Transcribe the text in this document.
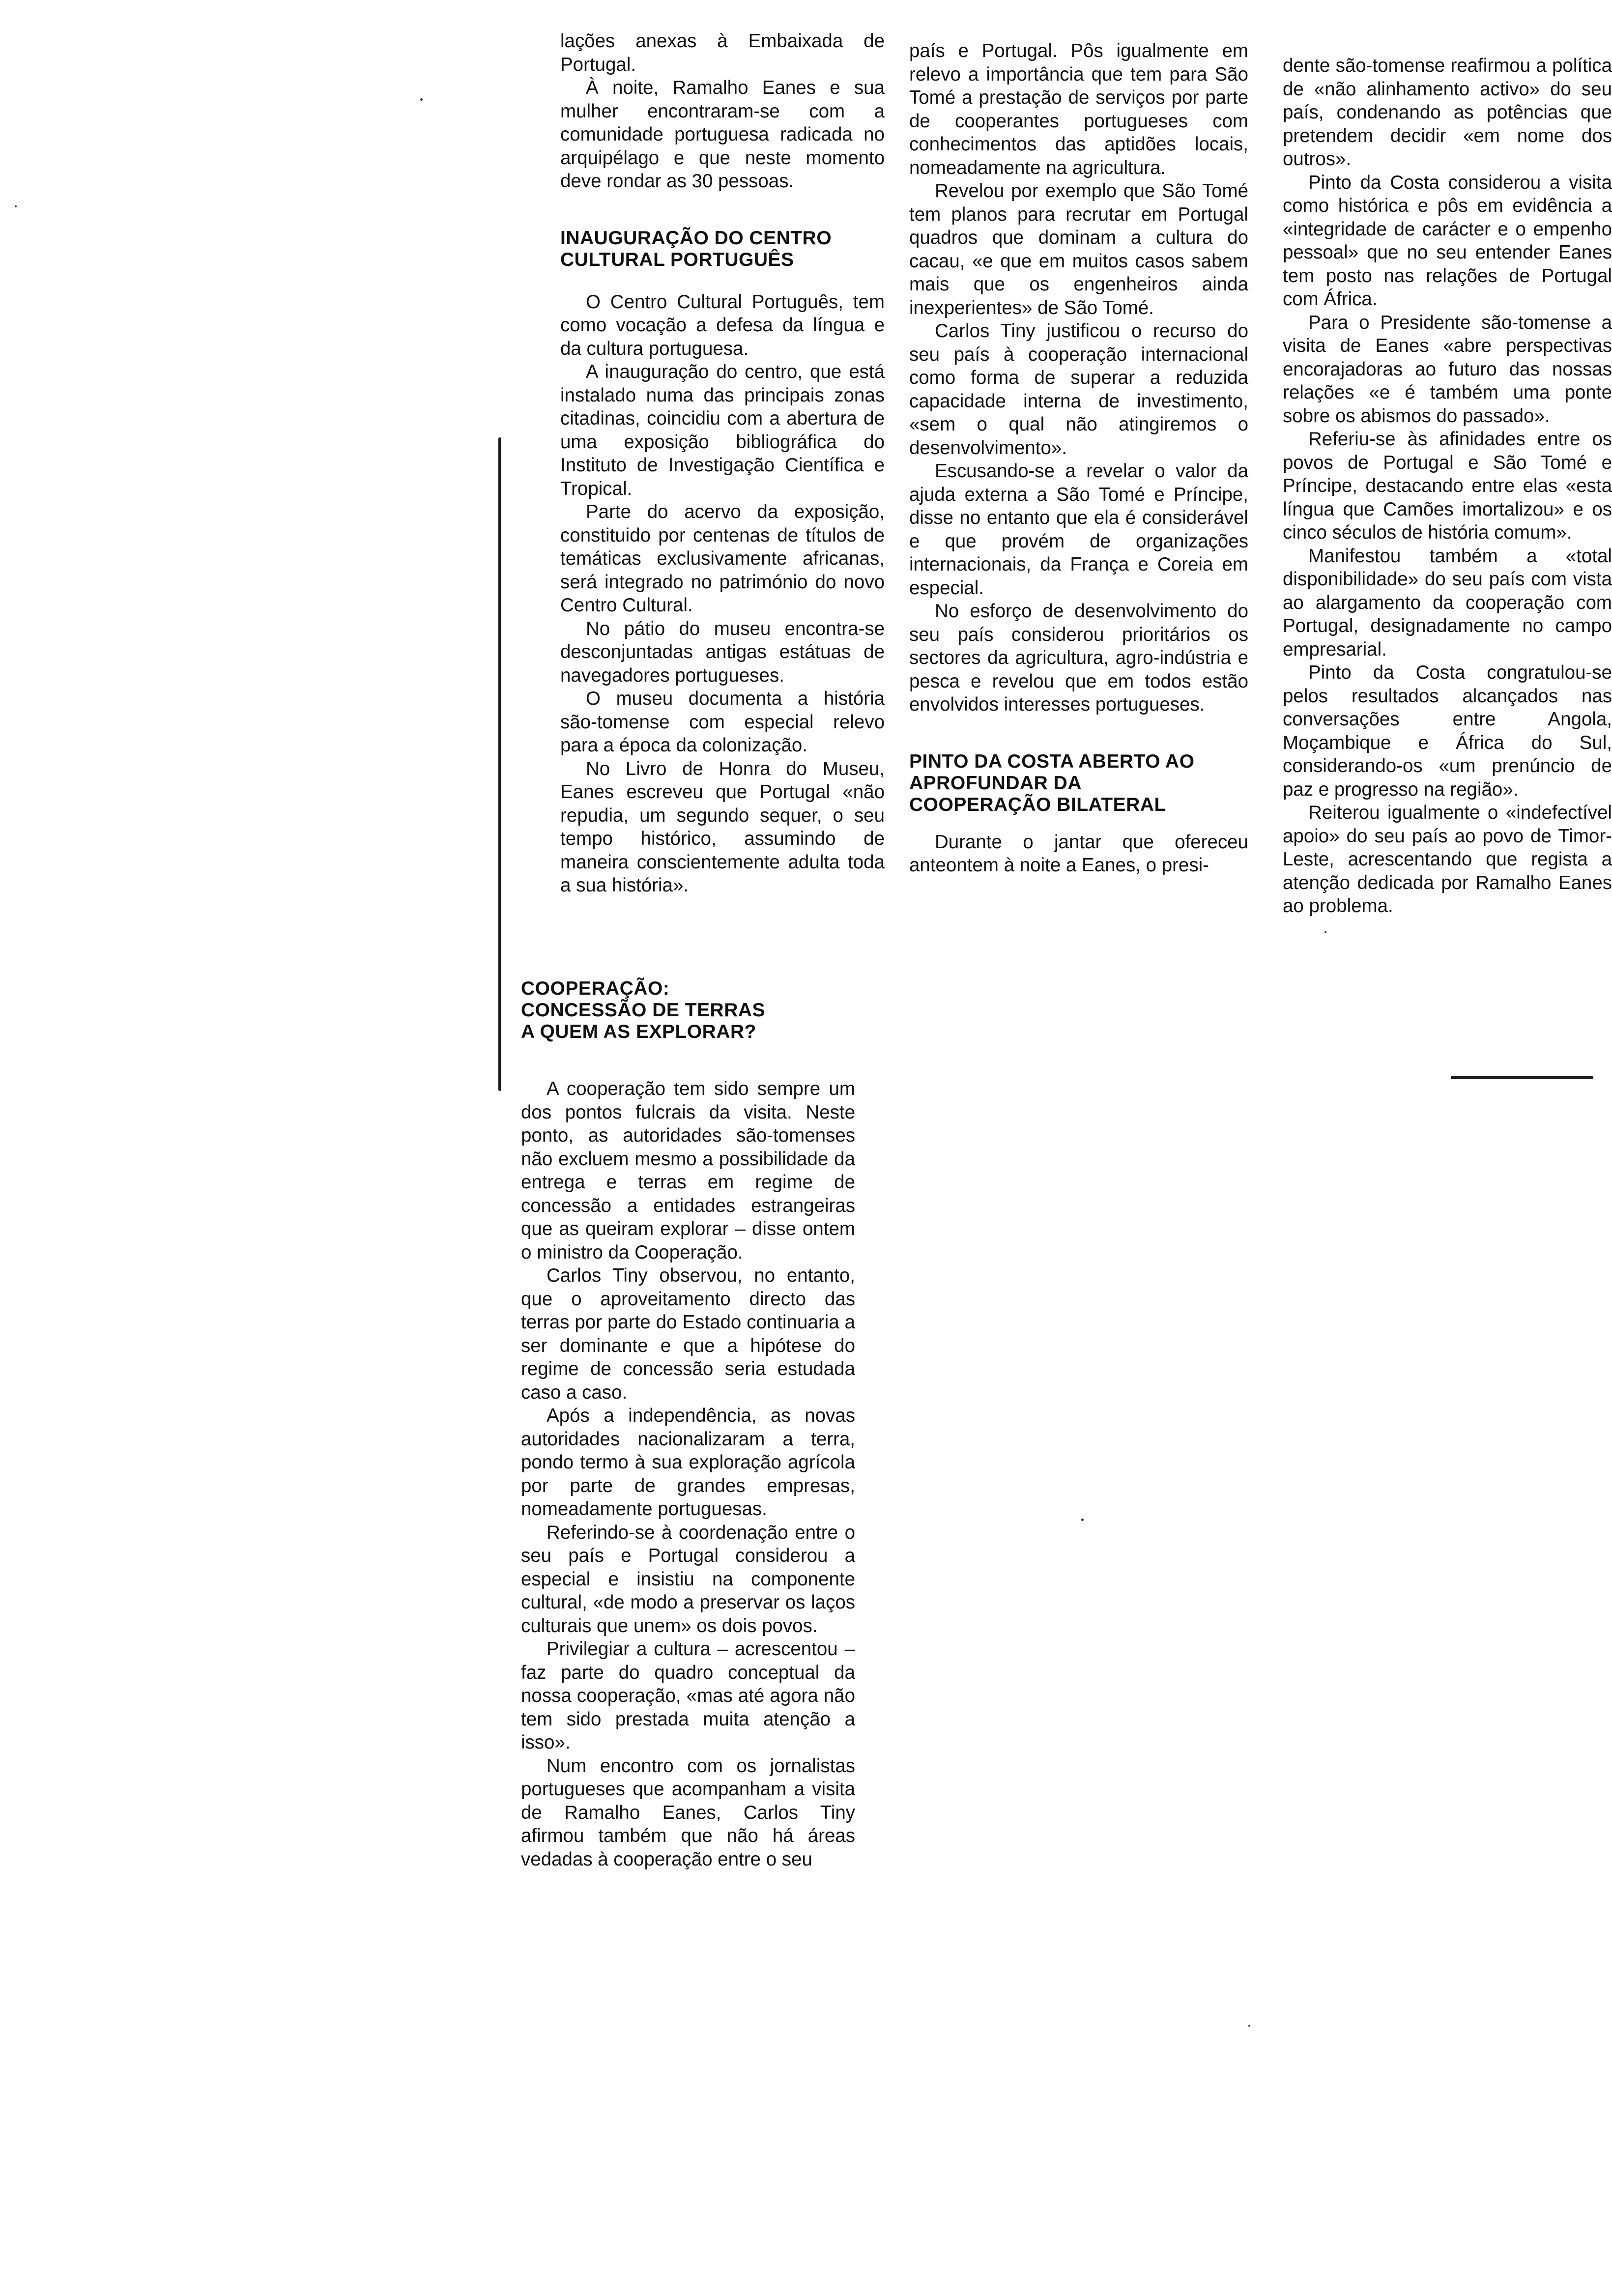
lações anexas à Embaixada de Portugal.

À noite, Ramalho Eanes e sua mulher encontraram-se com a comunidade portuguesa radicada no arquipélago e que neste momento deve rondar as 30 pessoas.

INAUGURAÇÃO DO CENTRO CULTURAL PORTUGUÊS

O Centro Cultural Português, tem como vocação a defesa da língua e da cultura portuguesa.

A inauguração do centro, que está instalado numa das principais zonas citadinas, coincidiu com a abertura de uma exposição bibliográfica do Instituto de Investigação Científica e Tropical.

Parte do acervo da exposição, constituido por centenas de títulos de temáticas exclusivamente africanas, será integrado no património do novo Centro Cultural.

No pátio do museu encontra-se desconjuntadas antigas estátuas de navegadores portugueses.

O museu documenta a história são-tomense com especial relevo para a época da colonização.

No Livro de Honra do Museu, Eanes escreveu que Portugal «não repudia, um segundo sequer, o seu tempo histórico, assumindo de maneira conscientemente adulta toda a sua história».

COOPERAÇÃO: CONCESSÃO DE TERRAS A QUEM AS EXPLORAR?

A cooperação tem sido sempre um dos pontos fulcrais da visita. Neste ponto, as autoridades são-tomenses não excluem mesmo a possibilidade da entrega e terras em regime de concessão a entidades estrangeiras que as queiram explorar – disse ontem o ministro da Cooperação.

Carlos Tiny observou, no entanto, que o aproveitamento directo das terras por parte do Estado continuaria a ser dominante e que a hipótese do regime de concessão seria estudada caso a caso.

Após a independência, as novas autoridades nacionalizaram a terra, pondo termo à sua exploração agrícola por parte de grandes empresas, nomeadamente portuguesas.

Referindo-se à coordenação entre o seu país e Portugal considerou a especial e insistiu na componente cultural, «de modo a preservar os laços culturais que unem» os dois povos.

Privilegiar a cultura – acrescentou – faz parte do quadro conceptual da nossa cooperação, «mas até agora não tem sido prestada muita atenção a isso».

Num encontro com os jornalistas portugueses que acompanham a visita de Ramalho Eanes, Carlos Tiny afirmou também que não há áreas vedadas à cooperação entre o seu

país e Portugal. Pôs igualmente em relevo a importância que tem para São Tomé a prestação de serviços por parte de cooperantes portugueses com conhecimentos das aptidões locais, nomeadamente na agricultura.

Revelou por exemplo que São Tomé tem planos para recrutar em Portugal quadros que dominam a cultura do cacau, «e que em muitos casos sabem mais que os engenheiros ainda inexperientes» de São Tomé.

Carlos Tiny justificou o recurso do seu país à cooperação internacional como forma de superar a reduzida capacidade interna de investimento, «sem o qual não atingiremos o desenvolvimento».

Escusando-se a revelar o valor da ajuda externa a São Tomé e Príncipe, disse no entanto que ela é considerável e que provém de organizações internacionais, da França e Coreia em especial.

No esforço de desenvolvimento do seu país considerou prioritários os sectores da agricultura, agro-indústria e pesca e revelou que em todos estão envolvidos interesses portugueses.

PINTO DA COSTA ABERTO AO APROFUNDAR DA COOPERAÇÃO BILATERAL

Durante o jantar que ofereceu anteontem à noite a Eanes, o presi-

dente são-tomense reafirmou a política de «não alinhamento activo» do seu país, condenando as potências que pretendem decidir «em nome dos outros».

Pinto da Costa considerou a visita como histórica e pôs em evidência a «integridade de carácter e o empenho pessoal» que no seu entender Eanes tem posto nas relações de Portugal com África.

Para o Presidente são-tomense a visita de Eanes «abre perspectivas encorajadoras ao futuro das nossas relações «e é também uma ponte sobre os abismos do passado».

Referiu-se às afinidades entre os povos de Portugal e São Tomé e Príncipe, destacando entre elas «esta língua que Camões imortalizou» e os cinco séculos de história comum».

Manifestou também a «total disponibilidade» do seu país com vista ao alargamento da cooperação com Portugal, designadamente no campo empresarial.

Pinto da Costa congratulou-se pelos resultados alcançados nas conversações entre Angola, Moçambique e África do Sul, considerando-os «um prenúncio de paz e progresso na região».

Reiterou igualmente o «indefectível apoio» do seu país ao povo de Timor-Leste, acrescentando que regista a atenção dedicada por Ramalho Eanes ao problema.
